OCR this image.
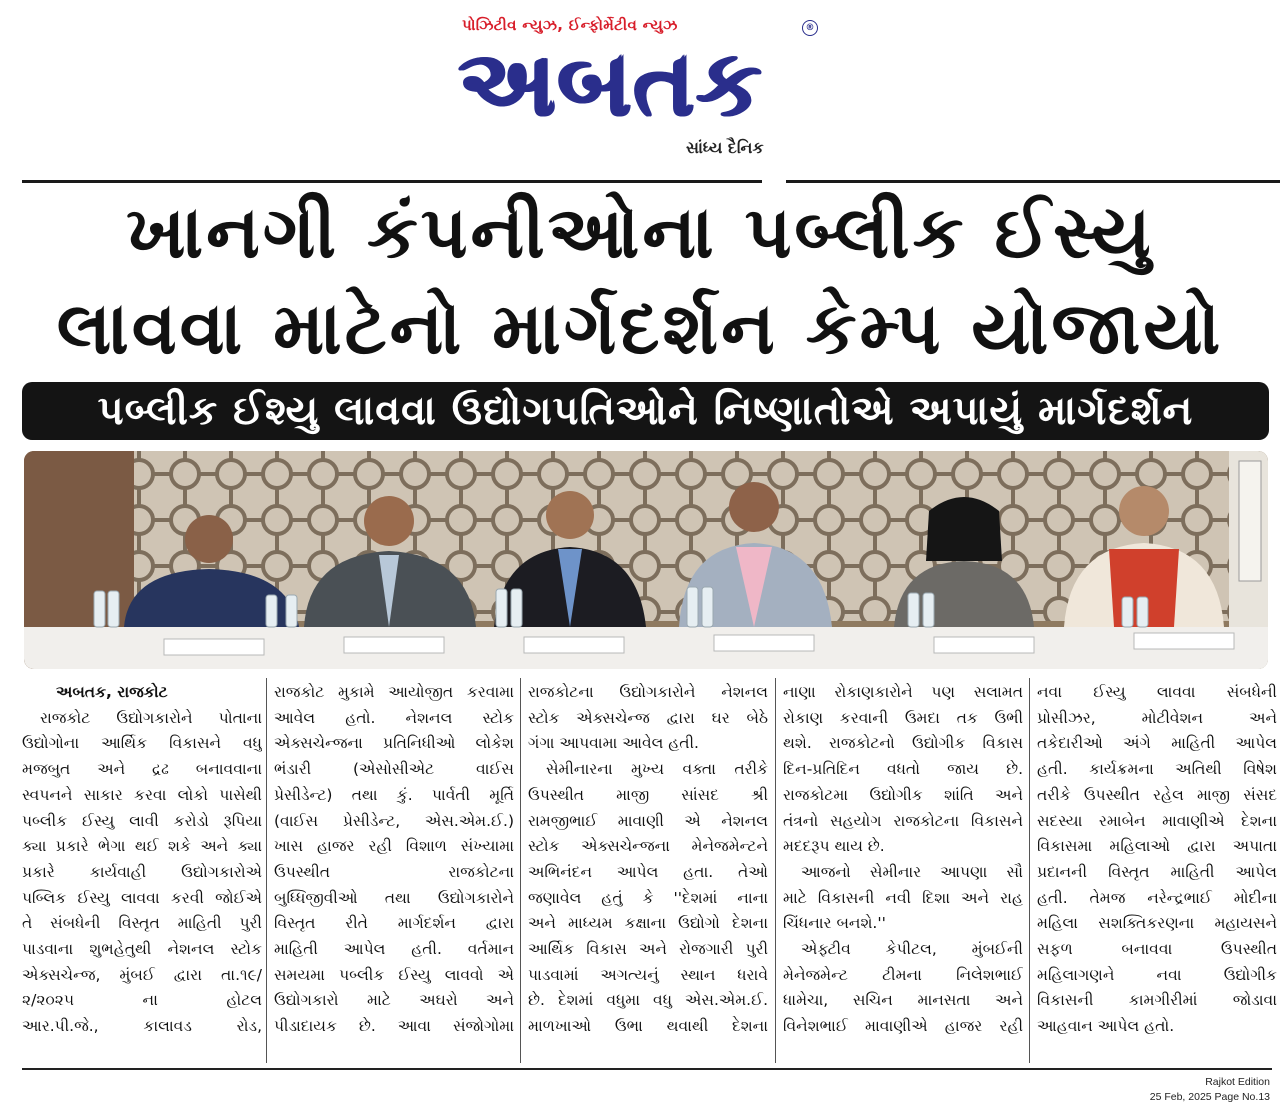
પોઝિટીવ ન્યુઝ, ઈન્ફોર્મેટીવ ન્યુઝ
અબતક
®
સાંધ્ય દૈનિક
ખાનગી કંપનીઓના પબ્લીક ઈસ્યુ
લાવવા માટેનો માર્ગદર્શન કેમ્પ યોજાયો
પબ્લીક ઈશ્યુ લાવવા ઉદ્યોગપતિઓને નિષ્ણાતોએ અપાયું માર્ગદર્શન
અબતક, રાજકોટ
રાજકોટ ઉદ્યોગકારોને પોતાના
ઉદ્યોગોના આર્થિક વિકાસને વધુ
મજબુત અને દ્રઢ બનાવવાના
સ્વપનને સાકાર કરવા લોકો પાસેથી
પબ્લીક ઈસ્યુ લાવી કરોડો રૂપિયા
ક્યા પ્રકારે ભેગા થઈ શકે અને ક્યા
પ્રકારે કાર્યવાહી ઉદ્યોગકારોએ
પબ્લિક ઈસ્યુ લાવવા કરવી જોઈએ
તે સંબધેની વિસ્તૃત માહિતી પુરી
પાડવાના શુભહેતુથી નેશનલ સ્ટોક
એક્સચેન્જ, મુંબઈ દ્વારા તા.૧૯/
૨/૨૦૨૫ ના હોટલ
આર.પી.જે., કાલાવડ રોડ,
રાજકોટ મુકામે આયોજીત કરવામા
આવેલ હતો. નેશનલ સ્ટોક
એક્સચેન્જના પ્રતિનિધીઓ લોકેશ
ભંડારી (એસોસીએટ વાઈસ
પ્રેસીડેન્ટ) તથા કું. પાર્વતી મૂર્તિ
(વાઈસ પ્રેસીડેન્ટ, એસ.એમ.ઈ.)
ખાસ હાજર રહી વિશાળ સંખ્યામા
ઉપસ્થીત રાજકોટના
બુધ્ધિજીવીઓ તથા ઉદ્યોગકારોને
વિસ્તૃત રીતે માર્ગદર્શન દ્વારા
માહિતી આપેલ હતી. વર્તમાન
સમયમા પબ્લીક ઈસ્યુ લાવવો એ
ઉદ્યોગકારો માટે અઘરો અને
પીડાદાયક છે. આવા સંજોગોમા
રાજકોટના ઉદ્યોગકારોને નેશનલ
સ્ટોક એક્સચેન્જ દ્વારા ઘર બેઠે
ગંગા આપવામા આવેલ હતી.
સેમીનારના મુખ્ય વક્તા તરીકે
ઉપસ્થીત માજી સાંસદ શ્રી
રામજીભાઈ માવાણી એ નેશનલ
સ્ટોક એક્સચેન્જના મેનેજમેન્ટને
અભિનંદન આપેલ હતા. તેઓ
જણાવેલ હતું કે ''દેશમાં નાના
અને માધ્યમ કક્ષાના ઉદ્યોગો દેશના
આર્થિક વિકાસ અને રોજગારી પુરી
પાડવામાં અગત્યનું સ્થાન ધરાવે
છે. દેશમાં વધુમા વધુ એસ.એમ.ઈ.
માળખાઓ ઉભા થવાથી દેશના
નાણા રોકાણકારોને પણ સલામત
રોકાણ કરવાની ઉમદા તક ઉભી
થશે. રાજકોટનો ઉદ્યોગીક વિકાસ
દિન-પ્રતિદિન વધતો જાય છે.
રાજકોટમા ઉદ્યોગીક શાંતિ અને
તંત્રનો સહયોગ રાજકોટના વિકાસને
મદદરૂપ થાય છે.
આજનો સેમીનાર આપણા સૌ
માટે વિકાસની નવી દિશા અને રાહ
ચિંધનાર બનશે.''
એફ્ટીવ કેપીટલ, મુંબઈની
મેનેજમેન્ટ ટીમના નિલેશભાઈ
ધામેચા, સચિન માનસતા અને
વિનેશભાઈ માવાણીએ હાજર રહી
નવા ઈસ્યુ લાવવા સંબધેની
પ્રોસીઝર, મોટીવેશન અને
તકેદારીઓ અંગે માહિતી આપેલ
હતી. કાર્યક્રમના અતિથી વિષેશ
તરીકે ઉપસ્થીત રહેલ માજી સંસદ
સદસ્યા રમાબેન માવાણીએ દેશના
વિકાસમા મહિલાઓ દ્વારા અપાતા
પ્રદાનની વિસ્તૃત માહિતી આપેલ
હતી. તેમજ નરેન્દ્રભાઈ મોદીના
મહિલા સશક્તિકરણના મહાયસને
સફળ બનાવવા ઉપસ્થીત
મહિલાગણને નવા ઉદ્યોગીક
વિકાસની કામગીરીમાં જોડાવા
આહવાન આપેલ હતો.
Rajkot Edition
25 Feb, 2025 Page No.13
